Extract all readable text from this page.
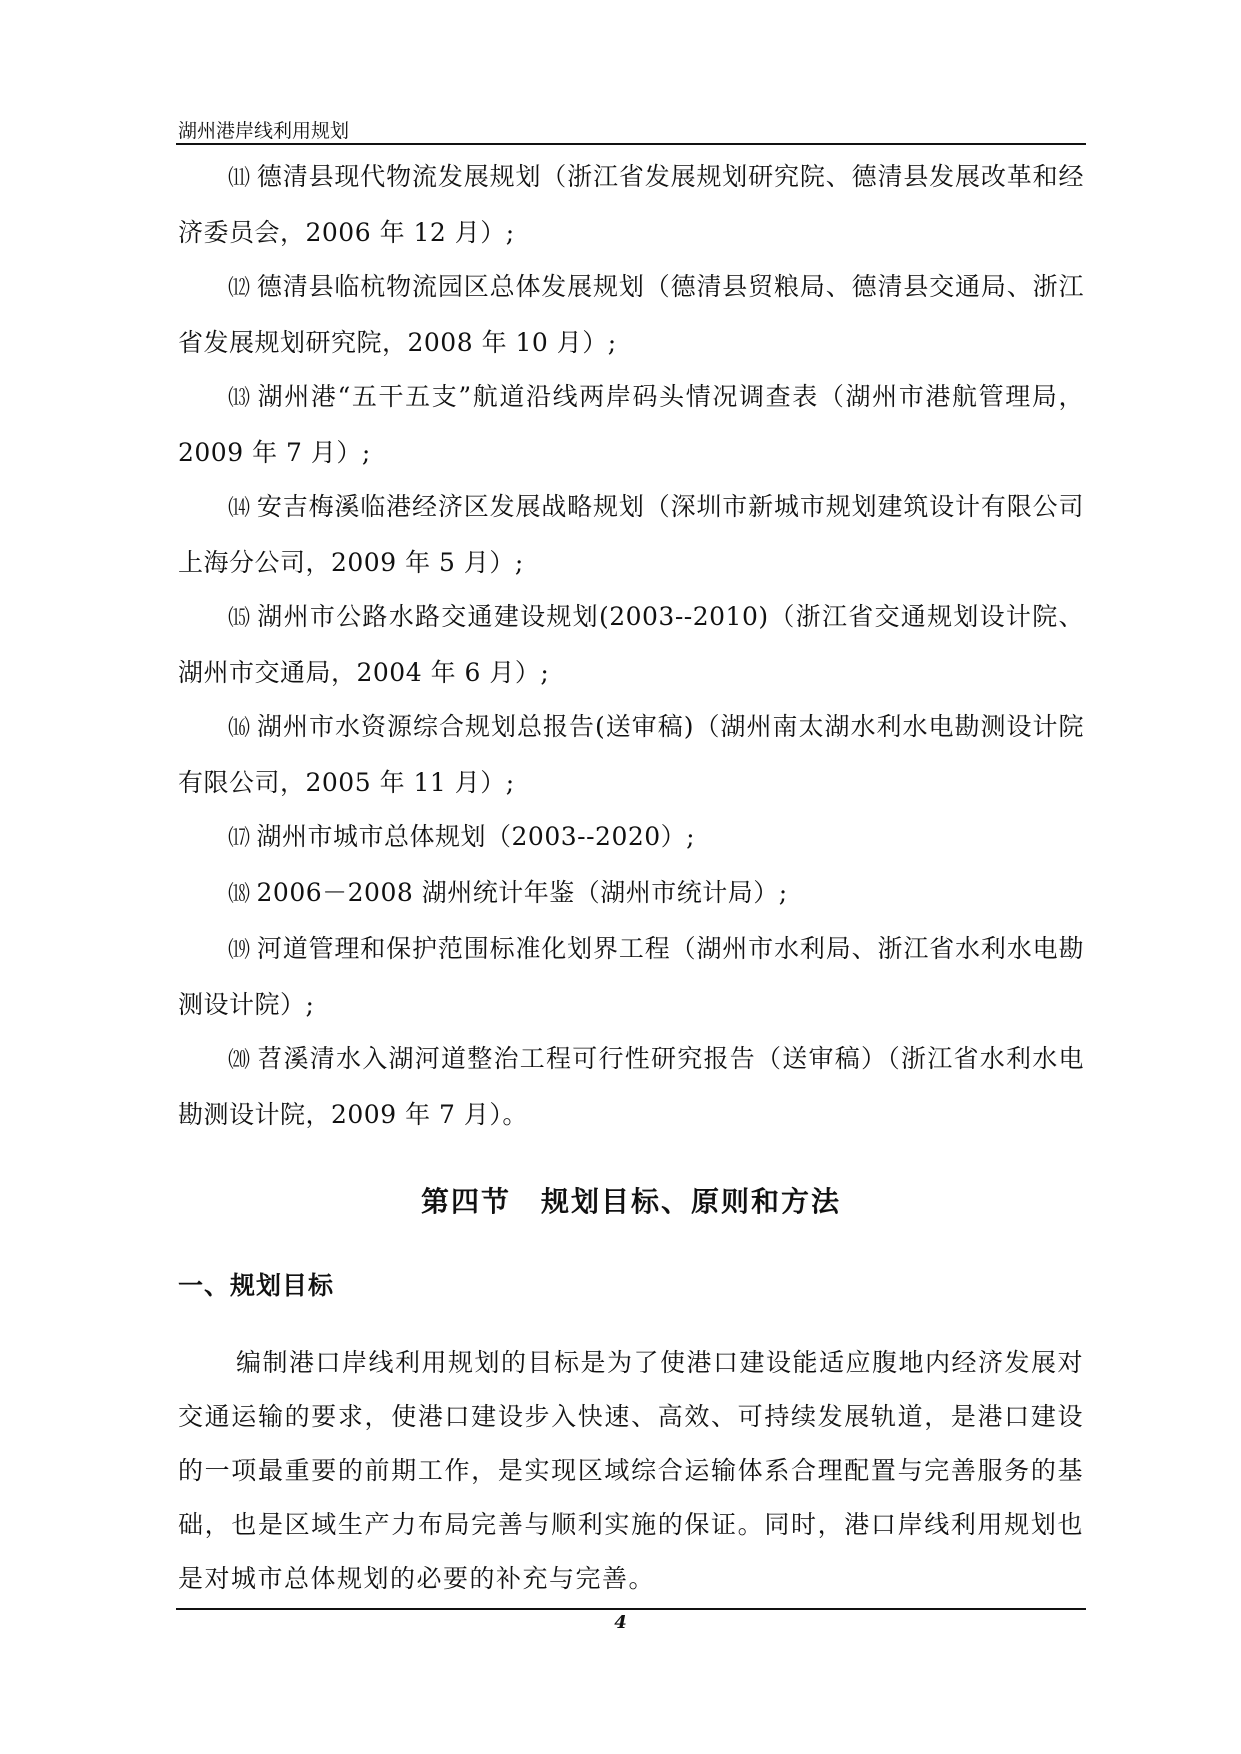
湖州港岸线利用规划

⑾ 德清县现代物流发展规划（浙江省发展规划研究院、德清县发展改革和经济委员会，2006 年 12 月）;

⑿ 德清县临杭物流园区总体发展规划（德清县贸粮局、德清县交通局、浙江省发展规划研究院，2008 年 10 月）;

⒀ 湖州港“五干五支”航道沿线两岸码头情况调查表（湖州市港航管理局，2009 年 7 月）;

⒁ 安吉梅溪临港经济区发展战略规划（深圳市新城市规划建筑设计有限公司上海分公司，2009 年 5 月）;

⒂ 湖州市公路水路交通建设规划(2003--2010)（浙江省交通规划设计院、湖州市交通局，2004 年 6 月）;

⒃ 湖州市水资源综合规划总报告(送审稿)（湖州南太湖水利水电勘测设计院有限公司，2005 年 11 月）;

⒄ 湖州市城市总体规划（2003--2020）;

⒅ 2006－2008 湖州统计年鉴（湖州市统计局）;

⒆ 河道管理和保护范围标准化划界工程（湖州市水利局、浙江省水利水电勘测设计院）;

⒇ 苕溪清水入湖河道整治工程可行性研究报告（送审稿）（浙江省水利水电勘测设计院，2009 年 7 月）。

第四节　规划目标、原则和方法
一、规划目标

编制港口岸线利用规划的目标是为了使港口建设能适应腹地内经济发展对交通运输的要求，使港口建设步入快速、高效、可持续发展轨道，是港口建设的一项最重要的前期工作，是实现区域综合运输体系合理配置与完善服务的基础，也是区域生产力布局完善与顺利实施的保证。同时，港口岸线利用规划也是对城市总体规划的必要的补充与完善。

4
